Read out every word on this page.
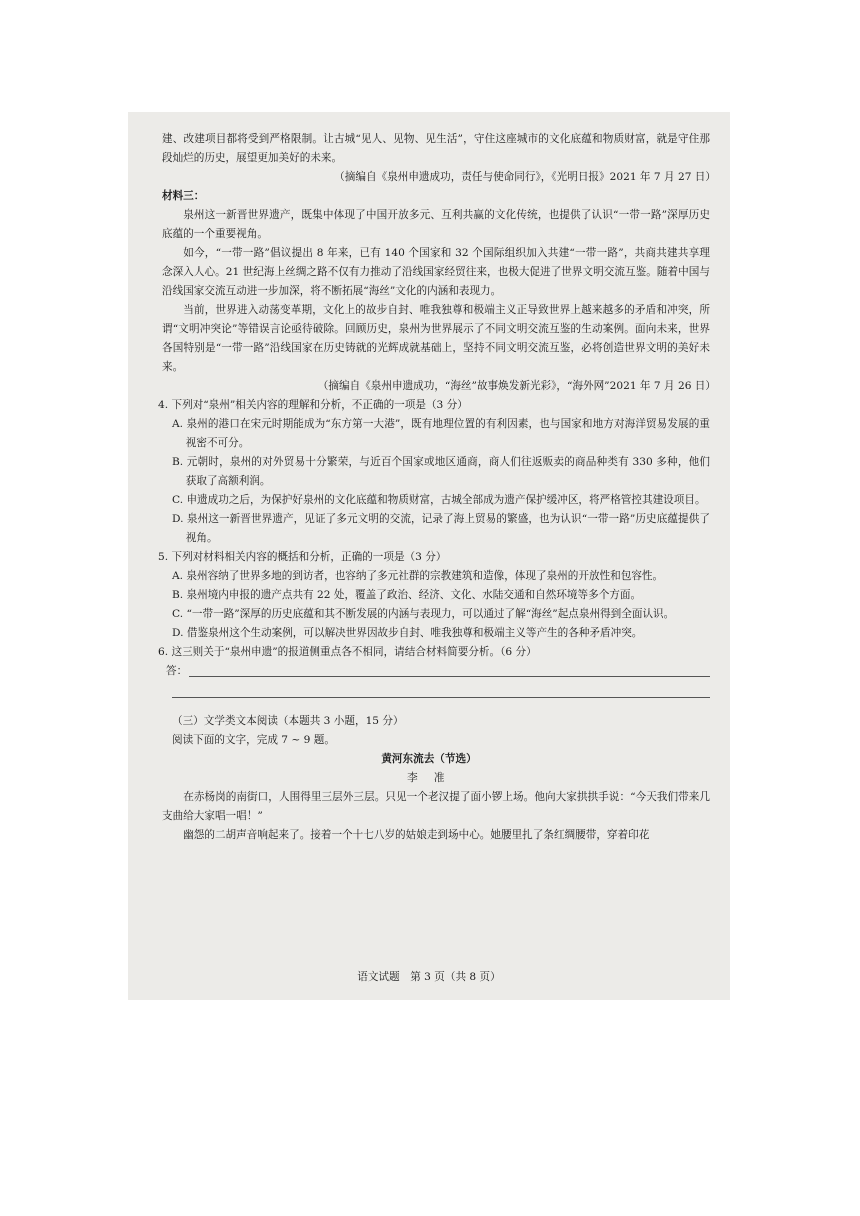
建、改建项目都将受到严格限制。让古城“见人、见物、见生活”，守住这座城市的文化底蕴和物质财富，就是守住那段灿烂的历史，展望更加美好的未来。

（摘编自《泉州申遗成功，责任与使命同行》，《光明日报》2021 年 7 月 27 日）

材料三：

泉州这一新晋世界遗产，既集中体现了中国开放多元、互利共赢的文化传统，也提供了认识“一带一路”深厚历史底蕴的一个重要视角。

如今，“一带一路”倡议提出 8 年来，已有 140 个国家和 32 个国际组织加入共建“一带一路”，共商共建共享理念深入人心。21 世纪海上丝绸之路不仅有力推动了沿线国家经贸往来，也极大促进了世界文明交流互鉴。随着中国与沿线国家交流互动进一步加深，将不断拓展“海丝”文化的内涵和表现力。

当前，世界进入动荡变革期，文化上的故步自封、唯我独尊和极端主义正导致世界上越来越多的矛盾和冲突，所谓“文明冲突论”等错误言论亟待破除。回顾历史，泉州为世界展示了不同文明交流互鉴的生动案例。面向未来，世界各国特别是“一带一路”沿线国家在历史铸就的光辉成就基础上，坚持不同文明交流互鉴，必将创造世界文明的美好未来。

（摘编自《泉州申遗成功，“海丝”故事焕发新光彩》，“海外网”2021 年 7 月 26 日）

4. 下列对“泉州”相关内容的理解和分析，不正确的一项是（3 分）

A. 泉州的港口在宋元时期能成为“东方第一大港”，既有地理位置的有利因素，也与国家和地方对海洋贸易发展的重视密不可分。

B. 元朝时，泉州的对外贸易十分繁荣，与近百个国家或地区通商，商人们往返贩卖的商品种类有 330 多种，他们获取了高额利润。

C. 申遗成功之后，为保护好泉州的文化底蕴和物质财富，古城全部成为遗产保护缓冲区，将严格管控其建设项目。

D. 泉州这一新晋世界遗产，见证了多元文明的交流，记录了海上贸易的繁盛，也为认识“一带一路”历史底蕴提供了视角。

5. 下列对材料相关内容的概括和分析，正确的一项是（3 分）

A. 泉州容纳了世界多地的到访者，也容纳了多元社群的宗教建筑和造像，体现了泉州的开放性和包容性。

B. 泉州境内申报的遗产点共有 22 处，覆盖了政治、经济、文化、水陆交通和自然环境等多个方面。

C. “一带一路”深厚的历史底蕴和其不断发展的内涵与表现力，可以通过了解“海丝”起点泉州得到全面认识。

D. 借鉴泉州这个生动案例，可以解决世界因故步自封、唯我独尊和极端主义等产生的各种矛盾冲突。

6. 这三则关于“泉州申遗”的报道侧重点各不相同，请结合材料简要分析。（6 分）

答：

（三）文学类文本阅读（本题共 3 小题，15 分）

阅读下面的文字，完成 7 ~ 9 题。

黄河东流去（节选）

李 准

在赤杨岗的南街口，人围得里三层外三层。只见一个老汉提了面小锣上场。他向大家拱拱手说：“今天我们带来几支曲给大家唱一唱！”

幽怨的二胡声音响起来了。接着一个十七八岁的姑娘走到场中心。她腰里扎了条红绸腰带，穿着印花

语文试题　第 3 页（共 8 页）
